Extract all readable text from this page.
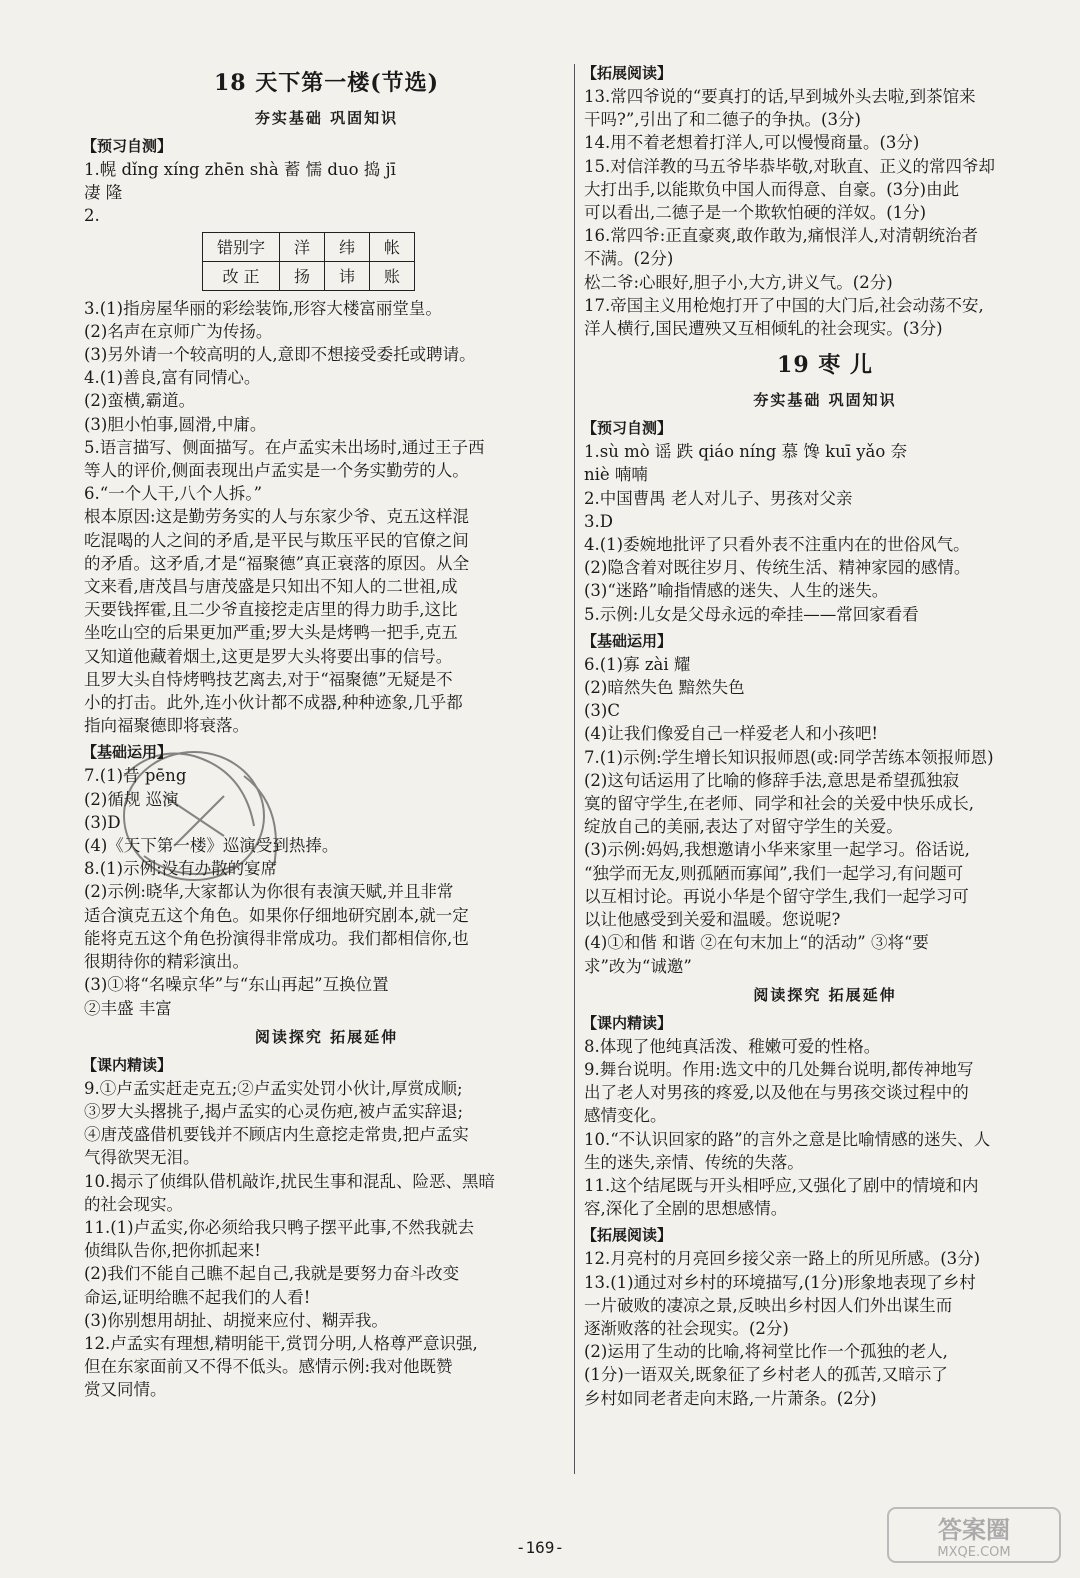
18 天下第一楼(节选)
夯实基础 巩固知识
【预习自测】
1.幌 dǐng xíng zhēn shà 蓄 懦 duo 捣 jī
凄 隆
2.
错别字	洋	纬	帐
改 正	扬	讳	账
3.(1)指房屋华丽的彩绘装饰,形容大楼富丽堂皇。
(2)名声在京师广为传扬。
(3)另外请一个较高明的人,意即不想接受委托或聘请。
4.(1)善良,富有同情心。
(2)蛮横,霸道。
(3)胆小怕事,圆滑,中庸。
5.语言描写、侧面描写。在卢孟实未出场时,通过王子西
等人的评价,侧面表现出卢孟实是一个务实勤劳的人。
6.“一个人干,八个人拆。”
根本原因:这是勤劳务实的人与东家少爷、克五这样混
吃混喝的人之间的矛盾,是平民与欺压平民的官僚之间
的矛盾。这矛盾,才是“福聚德”真正衰落的原因。从全
文来看,唐茂昌与唐茂盛是只知出不知人的二世祖,成
天要钱挥霍,且二少爷直接挖走店里的得力助手,这比
坐吃山空的后果更加严重;罗大头是烤鸭一把手,克五
又知道他藏着烟土,这更是罗大头将要出事的信号。
且罗大头自恃烤鸭技艺离去,对于“福聚德”无疑是不
小的打击。此外,连小伙计都不成器,种种迹象,几乎都
指向福聚德即将衰落。
【基础运用】
7.(1)昔 pēng
(2)循规 巡演
(3)D
(4)《天下第一楼》巡演受到热捧。
8.(1)示例:没有办散的宴席
(2)示例:晓华,大家都认为你很有表演天赋,并且非常
适合演克五这个角色。如果你仔细地研究剧本,就一定
能将克五这个角色扮演得非常成功。我们都相信你,也
很期待你的精彩演出。
(3)①将“名噪京华”与“东山再起”互换位置
②丰盛 丰富
阅读探究 拓展延伸
【课内精读】
9.①卢孟实赶走克五;②卢孟实处罚小伙计,厚赏成顺;
③罗大头撂挑子,揭卢孟实的心灵伤疤,被卢孟实辞退;
④唐茂盛借机要钱并不顾店内生意挖走常贵,把卢孟实
气得欲哭无泪。
10.揭示了侦缉队借机敲诈,扰民生事和混乱、险恶、黑暗
的社会现实。
11.(1)卢孟实,你必须给我只鸭子摆平此事,不然我就去
侦缉队告你,把你抓起来!
(2)我们不能自己瞧不起自己,我就是要努力奋斗改变
命运,证明给瞧不起我们的人看!
(3)你别想用胡扯、胡搅来应付、糊弄我。
12.卢孟实有理想,精明能干,赏罚分明,人格尊严意识强,
但在东家面前又不得不低头。感情示例:我对他既赞
赏又同情。
【拓展阅读】
13.常四爷说的“要真打的话,早到城外头去啦,到茶馆来
干吗?”,引出了和二德子的争执。(3分)
14.用不着老想着打洋人,可以慢慢商量。(3分)
15.对信洋教的马五爷毕恭毕敬,对耿直、正义的常四爷却
大打出手,以能欺负中国人而得意、自豪。(3分)由此
可以看出,二德子是一个欺软怕硬的洋奴。(1分)
16.常四爷:正直豪爽,敢作敢为,痛恨洋人,对清朝统治者
不满。(2分)
松二爷:心眼好,胆子小,大方,讲义气。(2分)
17.帝国主义用枪炮打开了中国的大门后,社会动荡不安,
洋人横行,国民遭殃又互相倾轧的社会现实。(3分)
19 枣 儿
夯实基础 巩固知识
【预习自测】
1.sù mò 谣 跌 qiáo níng 慕 馋 kuī yǎo 奈
niè 喃喃
2.中国曹禺 老人对儿子、男孩对父亲
3.D
4.(1)委婉地批评了只看外表不注重内在的世俗风气。
(2)隐含着对既往岁月、传统生活、精神家园的感情。
(3)“迷路”喻指情感的迷失、人生的迷失。
5.示例:儿女是父母永远的牵挂——常回家看看
【基础运用】
6.(1)寡 zài 耀
(2)暗然失色 黯然失色
(3)C
(4)让我们像爱自己一样爱老人和小孩吧!
7.(1)示例:学生增长知识报师恩(或:同学苦练本领报师恩)
(2)这句话运用了比喻的修辞手法,意思是希望孤独寂
寞的留守学生,在老师、同学和社会的关爱中快乐成长,
绽放自己的美丽,表达了对留守学生的关爱。
(3)示例:妈妈,我想邀请小华来家里一起学习。俗话说,
“独学而无友,则孤陋而寡闻”,我们一起学习,有问题可
以互相讨论。再说小华是个留守学生,我们一起学习可
以让他感受到关爱和温暖。您说呢?
(4)①和偕 和谐 ②在句末加上“的活动” ③将“要
求”改为“诚邀”
阅读探究 拓展延伸
【课内精读】
8.体现了他纯真活泼、稚嫩可爱的性格。
9.舞台说明。作用:选文中的几处舞台说明,都传神地写
出了老人对男孩的疼爱,以及他在与男孩交谈过程中的
感情变化。
10.“不认识回家的路”的言外之意是比喻情感的迷失、人
生的迷失,亲情、传统的失落。
11.这个结尾既与开头相呼应,又强化了剧中的情境和内
容,深化了全剧的思想感情。
【拓展阅读】
12.月亮村的月亮回乡接父亲一路上的所见所感。(3分)
13.(1)通过对乡村的环境描写,(1分)形象地表现了乡村
一片破败的凄凉之景,反映出乡村因人们外出谋生而
逐渐败落的社会现实。(2分)
(2)运用了生动的比喻,将祠堂比作一个孤独的老人,
(1分)一语双关,既象征了乡村老人的孤苦,又暗示了
乡村如同老者走向末路,一片萧条。(2分)
-169-
答案圈
MXQE.COM
